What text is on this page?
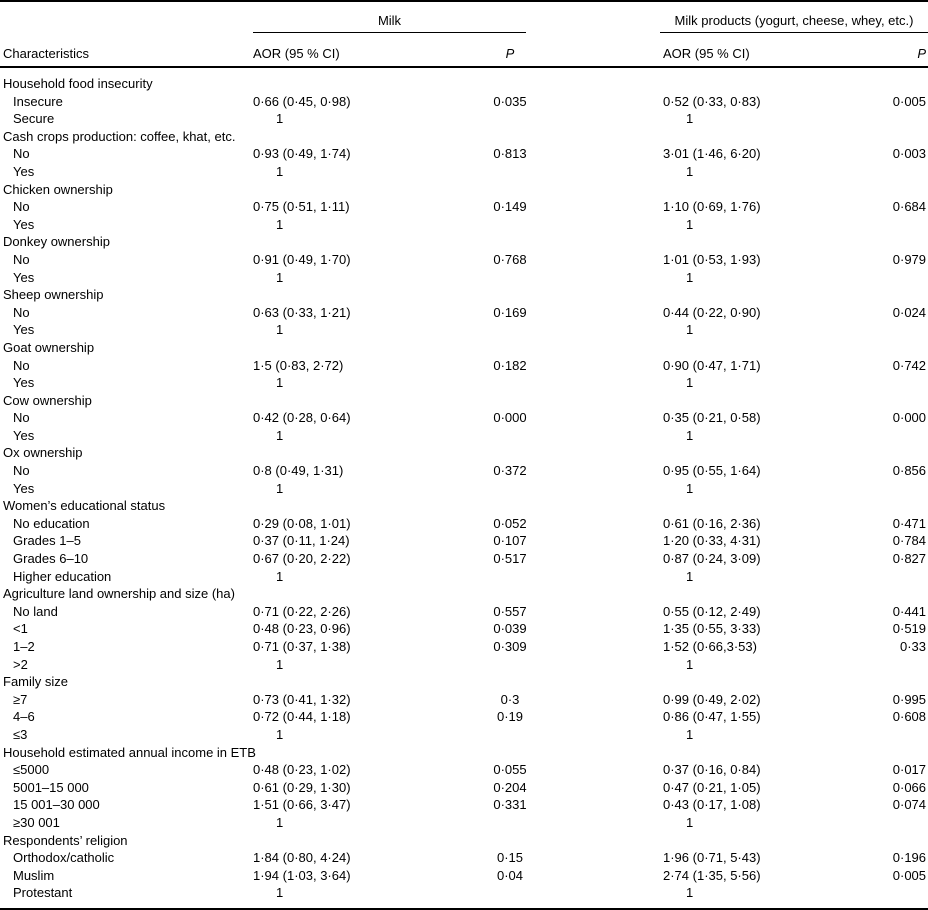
	Milk			Milk products (yogurt, cheese, whey, etc.)	

Characteristics	AOR (95 % CI)	P		AOR (95 % CI)	P
Household food insecurity					
Insecure	0·66 (0·45, 0·98)	0·035		0·52 (0·33, 0·83)	0·005
Secure	1			1	
Cash crops production: coffee, khat, etc.					
No	0·93 (0·49, 1·74)	0·813		3·01 (1·46, 6·20)	0·003
Yes	1			1	
Chicken ownership					
No	0·75 (0·51, 1·11)	0·149		1·10 (0·69, 1·76)	0·684
Yes	1			1	
Donkey ownership					
No	0·91 (0·49, 1·70)	0·768		1·01 (0·53, 1·93)	0·979
Yes	1			1	
Sheep ownership					
No	0·63 (0·33, 1·21)	0·169		0·44 (0·22, 0·90)	0·024
Yes	1			1	
Goat ownership					
No	1·5 (0·83, 2·72)	0·182		0·90 (0·47, 1·71)	0·742
Yes	1			1	
Cow ownership					
No	0·42 (0·28, 0·64)	0·000		0·35 (0·21, 0·58)	0·000
Yes	1			1	
Ox ownership					
No	0·8 (0·49, 1·31)	0·372		0·95 (0·55, 1·64)	0·856
Yes	1			1	
Women’s educational status					
No education	0·29 (0·08, 1·01)	0·052		0·61 (0·16, 2·36)	0·471
Grades 1–5	0·37 (0·11, 1·24)	0·107		1·20 (0·33, 4·31)	0·784
Grades 6–10	0·67 (0·20, 2·22)	0·517		0·87 (0·24, 3·09)	0·827
Higher education	1			1	
Agriculture land ownership and size (ha)					
No land	0·71 (0·22, 2·26)	0·557		0·55 (0·12, 2·49)	0·441
<1	0·48 (0·23, 0·96)	0·039		1·35 (0·55, 3·33)	0·519
1–2	0·71 (0·37, 1·38)	0·309		1·52 (0·66,3·53)	0·33
>2	1			1	
Family size					
≥7	0·73 (0·41, 1·32)	0·3		0·99 (0·49, 2·02)	0·995
4–6	0·72 (0·44, 1·18)	0·19		0·86 (0·47, 1·55)	0·608
≤3	1			1	
Household estimated annual income in ETB					
≤5000	0·48 (0·23, 1·02)	0·055		0·37 (0·16, 0·84)	0·017
5001–15 000	0·61 (0·29, 1·30)	0·204		0·47 (0·21, 1·05)	0·066
15 001–30 000	1·51 (0·66, 3·47)	0·331		0·43 (0·17, 1·08)	0·074
≥30 001	1			1	
Respondents’ religion					
Orthodox/catholic	1·84 (0·80, 4·24)	0·15		1·96 (0·71, 5·43)	0·196
Muslim	1·94 (1·03, 3·64)	0·04		2·74 (1·35, 5·56)	0·005
Protestant	1			1	
